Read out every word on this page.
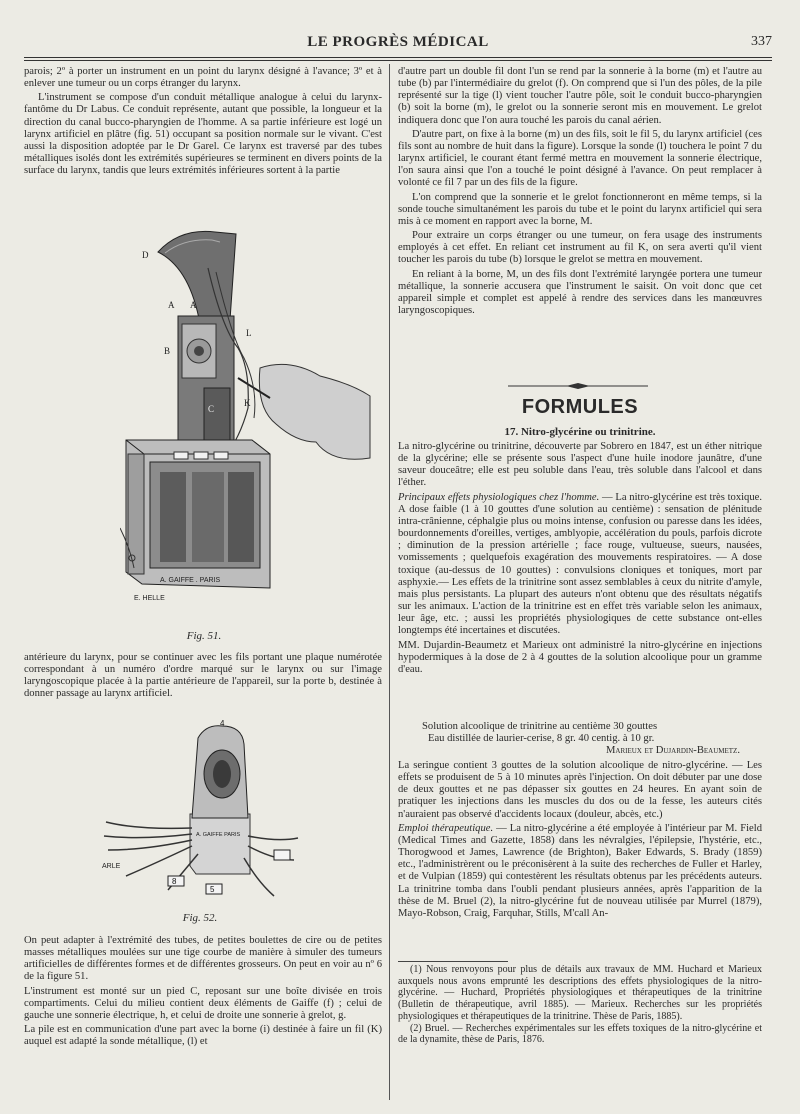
LE PROGRÈS MÉDICAL	337

parois; 2º à porter un instrument en un point du larynx désigné à l'avance; 3º et à enlever une tumeur ou un corps étranger du larynx.

L'instrument se compose d'un conduit métallique analogue à celui du larynx-fantôme du Dr Labus. Ce conduit représente, autant que possible, la longueur et la direction du canal bucco-pharyngien de l'homme. A sa partie inférieure est logé un larynx artificiel en plâtre (fig. 51) occupant sa position normale sur le vivant. C'est aussi la disposition adoptée par le Dr Garel. Ce larynx est traversé par des tubes métalliques isolés dont les extrémités supérieures se terminent en divers points de la surface du larynx, tandis que leurs extrémités inférieures sortent à la partie

D
A A
B
L
C
K
A. GAIFFE . PARIS
E. HELLE
Fig. 51.

antérieure du larynx, pour se continuer avec les fils portant une plaque numérotée correspondant à un numéro d'ordre marqué sur le larynx ou sur l'image laryngoscopique placée à la partie antérieure de l'appareil, sur la porte b, destinée à donner passage au larynx artificiel.

8
5
4
A. GAIFFE PARIS
ARLE
Fig. 52.

On peut adapter à l'extrémité des tubes, de petites boulettes de cire ou de petites masses métalliques moulées sur une tige courbe de manière à simuler des tumeurs artificielles de différentes formes et de différentes grosseurs. On peut en voir au nº 6 de la figure 51.

L'instrument est monté sur un pied C, reposant sur une boîte divisée en trois compartiments. Celui du milieu contient deux éléments de Gaiffe (f) ; celui de gauche une sonnerie électrique, h, et celui de droite une sonnerie à grelot, g.

La pile est en communication d'une part avec la borne (i) destinée à faire un fil (K) auquel est adapté la sonde métallique, (l) et

d'autre part un double fil dont l'un se rend par la sonnerie à la borne (m) et l'autre au tube (b) par l'intermédiaire du grelot (f). On comprend que si l'un des pôles, de la pile représenté sur la tige (l) vient toucher l'autre pôle, soit le conduit bucco-pharyngien (b) soit la borne (m), le grelot ou la sonnerie seront mis en mouvement. Le grelot indiquera donc que l'on aura touché les parois du canal aérien.

D'autre part, on fixe à la borne (m) un des fils, soit le fil 5, du larynx artificiel (ces fils sont au nombre de huit dans la figure). Lorsque la sonde (l) touchera le point 7 du larynx artificiel, le courant étant fermé mettra en mouvement la sonnerie électrique, l'on saura ainsi que l'on a touché le point désigné à l'avance. On peut remplacer à volonté ce fil 7 par un des fils de la figure.

L'on comprend que la sonnerie et le grelot fonctionneront en même temps, si la sonde touche simultanément les parois du tube et le point du larynx artificiel qui sera mis à ce moment en rapport avec la borne, M.

Pour extraire un corps étranger ou une tumeur, on fera usage des instruments employés à cet effet. En reliant cet instrument au fil K, on sera averti qu'il vient toucher les parois du tube (b) lorsque le grelot se mettra en mouvement.

En reliant à la borne, M, un des fils dont l'extrémité laryngée portera une tumeur métallique, la sonnerie accusera que l'instrument le saisit. On voit donc que cet appareil simple et complet est appelé à rendre des services dans les manœuvres laryngoscopiques.

FORMULES
17. Nitro-glycérine ou trinitrine.

La nitro-glycérine ou trinitrine, découverte par Sobrero en 1847, est un éther nitrique de la glycérine; elle se présente sous l'aspect d'une huile inodore jaunâtre, d'une saveur douceâtre; elle est peu soluble dans l'eau, très soluble dans l'alcool et dans l'éther.

Principaux effets physiologiques chez l'homme. — La nitro-glycérine est très toxique. A dose faible (1 à 10 gouttes d'une solution au centième) : sensation de plénitude intra-crânienne, céphalgie plus ou moins intense, confusion ou paresse dans les idées, bourdonnements d'oreilles, vertiges, amblyopie, accélération du pouls, parfois dicrote ; diminution de la pression artérielle ; face rouge, vultueuse, sueurs, nausées, vomissements ; quelquefois exagération des mouvements respiratoires. — A dose toxique (au-dessus de 10 gouttes) : convulsions cloniques et toniques, mort par asphyxie.— Les effets de la trinitrine sont assez semblables à ceux du nitrite d'amyle, mais plus persistants. La plupart des auteurs n'ont obtenu que des résultats négatifs sur les animaux. L'action de la trinitrine est en effet très variable selon les animaux, leur âge, etc. ; aussi les propriétés physiologiques de cette substance ont-elles longtemps été incertaines et discutées.

MM. Dujardin-Beaumetz et Marieux ont administré la nitro-glycérine en injections hypodermiques à la dose de 2 à 4 gouttes de la solution alcoolique pour un gramme d'eau.

Solution alcoolique de trinitrine au centième 30 gouttes
Eau distillée de laurier-cerise, 8 gr. 40 centig. à 10 gr.
Marieux et Dujardin-Beaumetz.

La seringue contient 3 gouttes de la solution alcoolique de nitro-glycérine. — Les effets se produisent de 5 à 10 minutes après l'injection. On doit débuter par une dose de deux gouttes et ne pas dépasser six gouttes en 24 heures. En ayant soin de pratiquer les injections dans les muscles du dos ou de la fesse, les auteurs cités n'auraient pas observé d'accidents locaux (douleur, abcès, etc.)

Emploi thérapeutique. — La nitro-glycérine a été employée à l'intérieur par M. Field (Medical Times and Gazette, 1858) dans les névralgies, l'épilepsie, l'hystérie, etc., Thorogwood et James, Lawrence (de Brighton), Baker Edwards, S. Brady (1859) etc., l'administrèrent ou le préconisèrent à la suite des recherches de Fuller et Harley, et de Vulpian (1859) qui contestèrent les résultats obtenus par les précédents auteurs. La trinitrine tomba dans l'oubli pendant plusieurs années, après l'apparition de la thèse de M. Bruel (2), la nitro-glycérine fut de nouveau utilisée par Murrel (1879), Mayo-Robson, Craig, Farquhar, Stills, M'call An-

(1) Nous renvoyons pour plus de détails aux travaux de MM. Huchard et Marieux auxquels nous avons emprunté les descriptions des effets physiologiques de la nitro-glycérine. — Huchard, Propriétés physiologiques et thérapeutiques de la trinitrine (Bulletin de thérapeutique, avril 1885). — Marieux. Recherches sur les propriétés physiologiques et thérapeutiques de la trinitrine. Thèse de Paris, 1885).

(2) Bruel. — Recherches expérimentales sur les effets toxiques de la nitro-glycérine et de la dynamite, thèse de Paris, 1876.
